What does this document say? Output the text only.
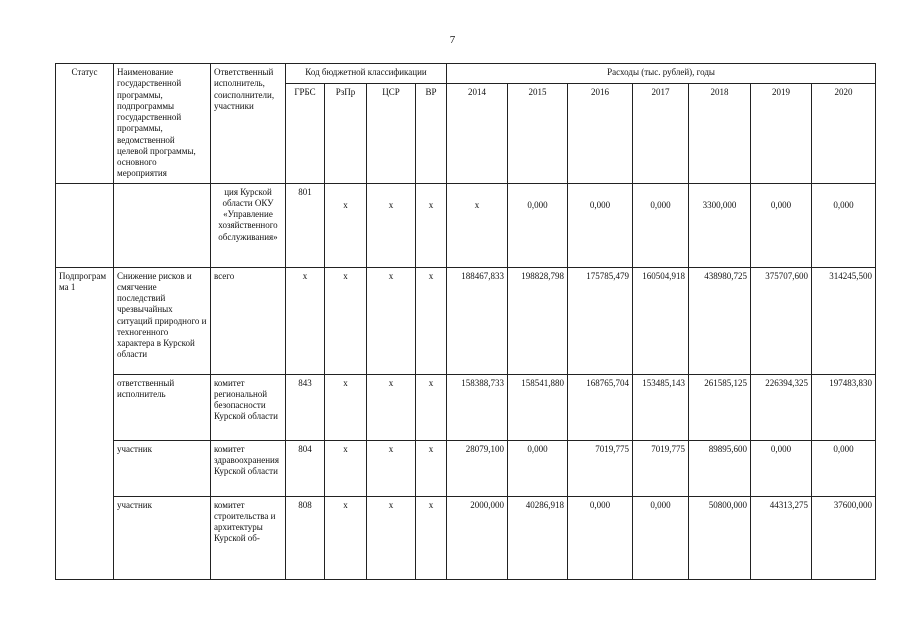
7
Статус	Наименование государственной программы, подпрограммы государственной программы, ведомственной целевой программы, основного мероприятия	Ответственный исполнитель, соисполнители, участники	Код бюджетной классификации				Расходы (тыс. рублей), годы						
			ГРБС	РзПр	ЦСР	ВР	2014	2015	2016	2017	2018	2019	2020
		ция Курской области ОКУ «Управление хозяйственного обслуживания»	801	х	х	х	х	0,000	0,000	0,000	3300,000	0,000	0,000
Подпрограмма 1	Снижение рисков и смягчение последствий чрезвычайных ситуаций природного и техногенного характера в Курской области	всего	х	х	х	х	188467,833	198828,798	175785,479	160504,918	438980,725	375707,600	314245,500
	ответственный исполнитель	комитет региональной безопасности Курской области	843	х	х	х	158388,733	158541,880	168765,704	153485,143	261585,125	226394,325	197483,830
	участник	комитет здравоохранения Курской области	804	х	х	х	28079,100	0,000	7019,775	7019,775	89895,600	0,000	0,000
	участник	комитет строительства и архитектуры Курской об-	808	х	х	х	2000,000	40286,918	0,000	0,000	50800,000	44313,275	37600,000
